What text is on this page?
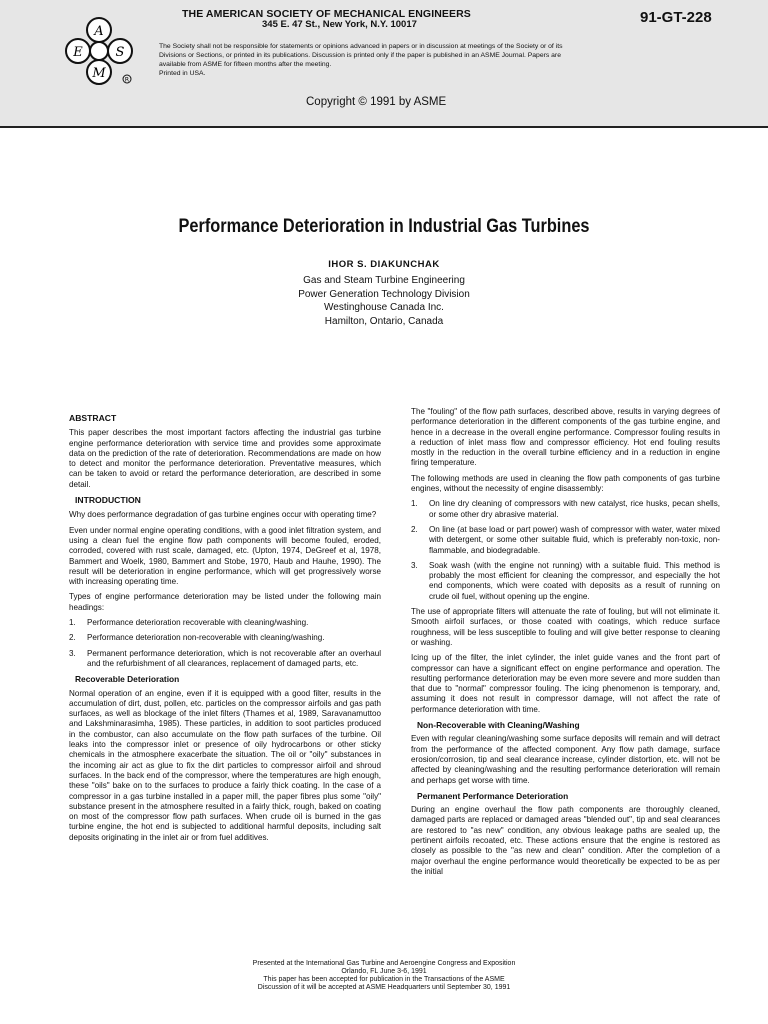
A
E	S
M	R
THE AMERICAN SOCIETY OF MECHANICAL ENGINEERS
345 E. 47 St., New York, N.Y. 10017	91-GT-228
The Society shall not be responsible for statements or opinions advanced in papers or in discussion at meetings of the Society or of its Divisions or Sections, or printed in its publications. Discussion is printed only if the paper is published in an ASME Journal. Papers are available from ASME for fifteen months after the meeting.
Printed in USA.
Copyright © 1991 by ASME
Performance Deterioration in Industrial Gas Turbines
IHOR S. DIAKUNCHAK
Gas and Steam Turbine Engineering
Power Generation Technology Division
Westinghouse Canada Inc.
Hamilton, Ontario, Canada
ABSTRACT

This paper describes the most important factors affecting the industrial gas turbine engine performance deterioration with service time and provides some approximate data on the prediction of the rate of deterioration. Recommendations are made on how to detect and monitor the performance deterioration. Preventative measures, which can be taken to avoid or retard the performance deterioration, are described in some detail.

INTRODUCTION

Why does performance degradation of gas turbine engines occur with operating time?

Even under normal engine operating conditions, with a good inlet filtration system, and using a clean fuel the engine flow path components will become fouled, eroded, corroded, covered with rust scale, damaged, etc. (Upton, 1974, DeGreef et al, 1978, Bammert and Woelk, 1980, Bammert and Stobe, 1970, Haub and Hauhe, 1990). The result will be deterioration in engine performance, which will get progressively worse with increasing operating time.

Types of engine performance deterioration may be listed under the following main headings:

1.	Performance deterioration recoverable with cleaning/washing.
2.	Performance deterioration non-recoverable with cleaning/washing.
3.	Permanent performance deterioration, which is not recoverable after an overhaul and the refurbishment of all clearances, replacement of damaged parts, etc.
Recoverable Deterioration

Normal operation of an engine, even if it is equipped with a good filter, results in the accumulation of dirt, dust, pollen, etc. particles on the compressor airfoils and gas path surfaces, as well as blockage of the inlet filters (Thames et al, 1989, Saravanamuttoo and Lakshminarasimha, 1985). These particles, in addition to soot particles produced in the combustor, can also accumulate on the flow path surfaces of the turbine. Oil leaks into the compressor inlet or presence of oily hydrocarbons or other sticky chemicals in the atmosphere exacerbate the situation. The oil or "oily" substances in the incoming air act as glue to fix the dirt particles to compressor airfoil and shroud surfaces. In the back end of the compressor, where the temperatures are high enough, these "oils" bake on to the surfaces to produce a fairly thick coating. In the case of a compressor in a gas turbine installed in a paper mill, the paper fibres plus some "oily" substance present in the atmosphere resulted in a fairly thick, rough, baked on coating on most of the compressor flow path surfaces. When crude oil is burned in the gas turbine engine, the hot end is subjected to additional harmful deposits, including salt deposits originating in the inlet air or from fuel additives.

The "fouling" of the flow path surfaces, described above, results in varying degrees of performance deterioration in the different components of the gas turbine engine, and hence in a decrease in the overall engine performance. Compressor fouling results in a reduction of inlet mass flow and compressor efficiency. Hot end fouling results mostly in the reduction in the overall turbine efficiency and in a reduction in engine firing temperature.

The following methods are used in cleaning the flow path components of gas turbine engines, without the necessity of engine disassembly:

1.	On line dry cleaning of compressors with new catalyst, rice husks, pecan shells, or some other dry abrasive material.
2.	On line (at base load or part power) wash of compressor with water, water mixed with detergent, or some other suitable fluid, which is preferably non-toxic, non-flammable, and biodegradable.
3.	Soak wash (with the engine not running) with a suitable fluid. This method is probably the most efficient for cleaning the compressor, and especially the hot end components, which were coated with deposits as a result of running on crude oil fuel, without opening up the engine.

The use of appropriate filters will attenuate the rate of fouling, but will not eliminate it. Smooth airfoil surfaces, or those coated with coatings, which reduce surface roughness, will be less susceptible to fouling and will give better response to cleaning or washing.

Icing up of the filter, the inlet cylinder, the inlet guide vanes and the front part of compressor can have a significant effect on engine performance and operation. The resulting performance deterioration may be even more severe and more sudden than that due to "normal" compressor fouling. The icing phenomenon is temporary, and, assuming it does not result in compressor damage, will not affect the rate of performance deterioration with time.

Non-Recoverable with Cleaning/Washing

Even with regular cleaning/washing some surface deposits will remain and will detract from the performance of the affected component. Any flow path damage, surface erosion/corrosion, tip and seal clearance increase, cylinder distortion, etc. will not be affected by cleaning/washing and the resulting performance deterioration will remain and perhaps get worse with time.

Permanent Performance Deterioration

During an engine overhaul the flow path components are thoroughly cleaned, damaged parts are replaced or damaged areas "blended out", tip and seal clearances are restored to "as new" condition, any obvious leakage paths are sealed up, the pertinent airfoils recoated, etc. These actions ensure that the engine is restored as closely as possible to the "as new and clean" condition. After the completion of a major overhaul the engine performance would theoretically be expected to be as per the initial

Presented at the International Gas Turbine and Aeroengine Congress and Exposition
Orlando, FL June 3-6, 1991
This paper has been accepted for publication in the Transactions of the ASME
Discussion of it will be accepted at ASME Headquarters until September 30, 1991
